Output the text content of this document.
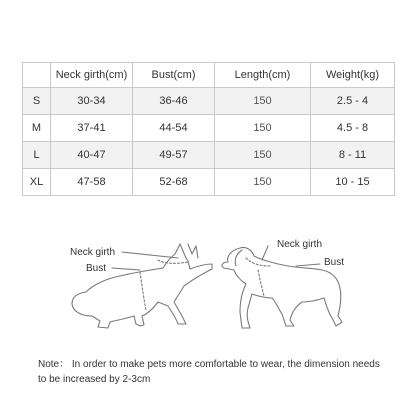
	Neck girth(cm)	Bust(cm)	Length(cm)	Weight(kg)
S	30-34	36-46	150	2.5 - 4
M	37-41	44-54	150	4.5 - 8
L	40-47	49-57	150	8 - 11
XL	47-58	52-68	150	10 - 15
Neck girth
Bust
Neck girth
Bust
Note： In order to make pets more comfortable to wear, the dimension needs to be increased by 2-3cm
